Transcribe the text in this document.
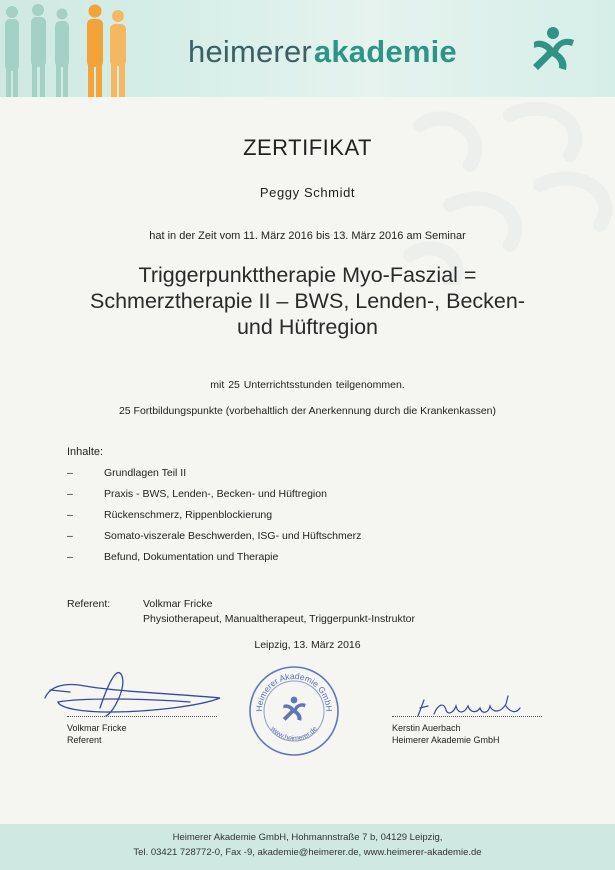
heimererakademie
ZERTIFIKAT
Peggy Schmidt
hat in der Zeit vom 11. März 2016 bis 13. März 2016 am Seminar
Triggerpunkttherapie Myo-Faszial =
Schmerztherapie II – BWS, Lenden-, Becken-
und Hüftregion
mit 25 Unterrichtsstunden teilgenommen.
25 Fortbildungspunkte (vorbehaltlich der Anerkennung durch die Krankenkassen)
Inhalte:
–	Grundlagen Teil II
–	Praxis - BWS, Lenden-, Becken- und Hüftregion
–	Rückenschmerz, Rippenblockierung
–	Somato-viszerale Beschwerden, ISG- und Hüftschmerz
–	Befund, Dokumentation und Therapie
Referent:	Volkmar Fricke
Physiotherapeut, Manualtherapeut, Triggerpunkt-Instruktor
Leipzig, 13. März 2016
Volkmar Fricke
Referent
Heimerer Akademie GmbH
www.heimerer.de	Kerstin Auerbach
Heimerer Akademie GmbH
Heimerer Akademie GmbH, Hohmannstraße 7 b, 04129 Leipzig,
Tel. 03421 728772-0, Fax -9, akademie@heimerer.de, www.heimerer-akademie.de
